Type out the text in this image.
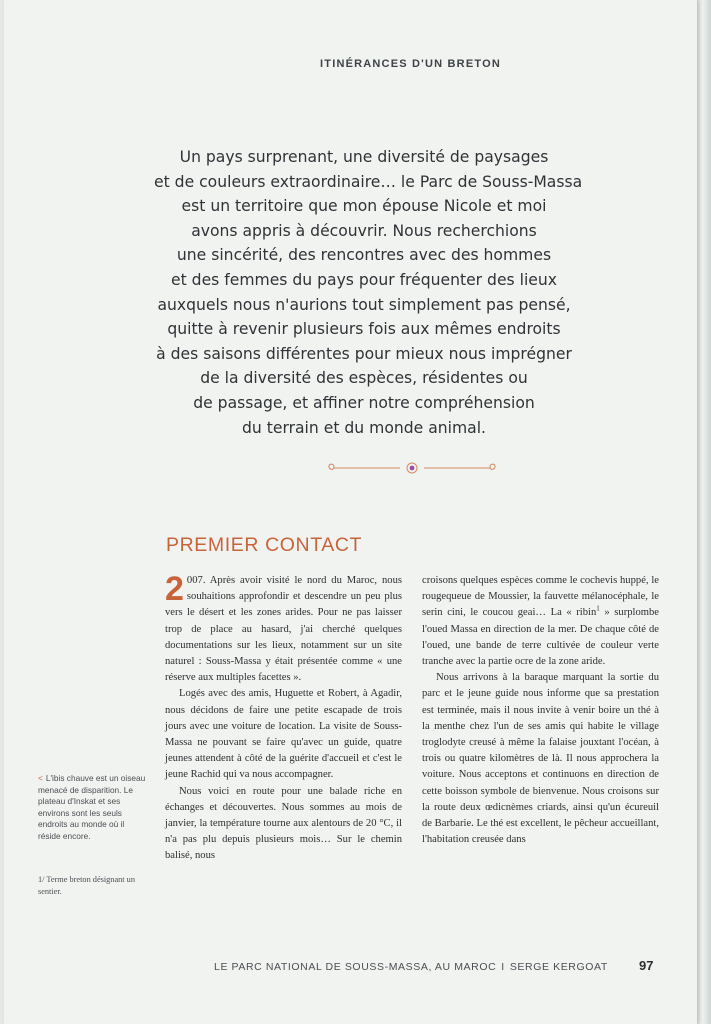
ITINÉRANCES D'UN BRETON
Un pays surprenant, une diversité de paysages
et de couleurs extraordinaire… le Parc de Souss-Massa
est un territoire que mon épouse Nicole et moi
avons appris à découvrir. Nous recherchions
une sincérité, des rencontres avec des hommes
et des femmes du pays pour fréquenter des lieux
auxquels nous n'aurions tout simplement pas pensé,
quitte à revenir plusieurs fois aux mêmes endroits
à des saisons différentes pour mieux nous imprégner
de la diversité des espèces, résidentes ou
de passage, et affiner notre compréhension
du terrain et du monde animal.
PREMIER CONTACT

2 007. Après avoir visité le nord du Maroc, nous souhaitions approfondir et descendre un peu plus vers le désert et les zones arides. Pour ne pas laisser trop de place au hasard, j'ai cherché quelques documentations sur les lieux, notamment sur un site naturel : Souss-Massa y était présentée comme « une réserve aux multiples facettes ».

Logés avec des amis, Huguette et Robert, à Agadir, nous décidons de faire une petite escapade de trois jours avec une voiture de location. La visite de Souss-Massa ne pouvant se faire qu'avec un guide, quatre jeunes attendent à côté de la guérite d'accueil et c'est le jeune Rachid qui va nous accompagner.

Nous voici en route pour une balade riche en échanges et découvertes. Nous sommes au mois de janvier, la température tourne aux alentours de 20 °C, il n'a pas plu depuis plusieurs mois… Sur le chemin balisé, nous

croisons quelques espèces comme le cochevis huppé, le rougequeue de Moussier, la fauvette mélanocéphale, le serin cini, le coucou geai… La « ribin$^1$ » surplombe l'oued Massa en direction de la mer. De chaque côté de l'oued, une bande de terre cultivée de couleur verte tranche avec la partie ocre de la zone aride.

Nous arrivons à la baraque marquant la sortie du parc et le jeune guide nous informe que sa prestation est terminée, mais il nous invite à venir boire un thé à la menthe chez l'un de ses amis qui habite le village troglodyte creusé à même la falaise jouxtant l'océan, à trois ou quatre kilomètres de là. Il nous approchera la voiture. Nous acceptons et continuons en direction de cette boisson symbole de bienvenue. Nous croisons sur la route deux œdicnèmes criards, ainsi qu'un écureuil de Barbarie. Le thé est excellent, le pêcheur accueillant, l'habitation creusée dans

< L'ibis chauve est un oiseau menacé de disparition. Le plateau d'Inskat et ses environs sont les seuls endroits au monde où il réside encore.
1/ Terme breton désignant un sentier.
LE PARC NATIONAL DE SOUSS-MASSA, AU MAROC I SERGE KERGOAT 97
